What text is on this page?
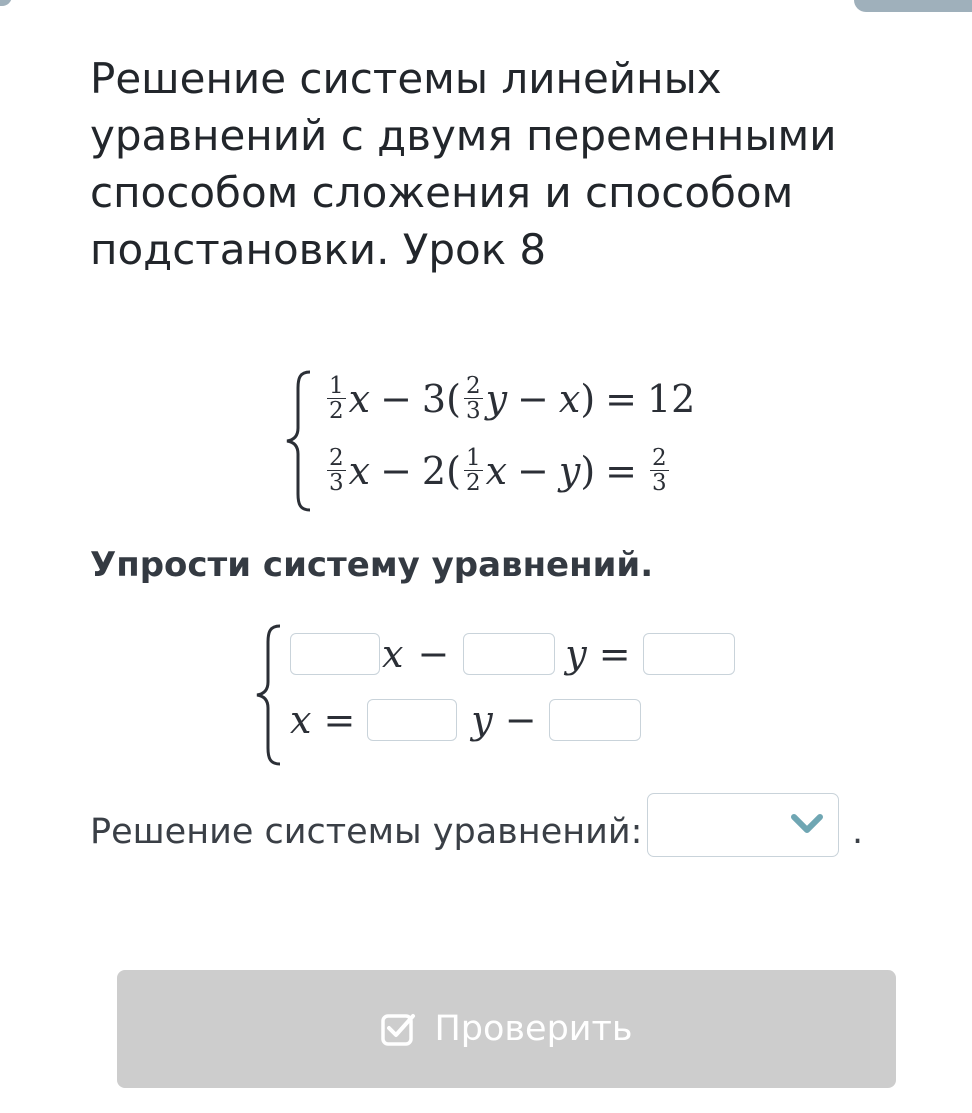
Решение системы линейных уравнений с двумя переменными способом сложения и способом подстановки. Урок 8
$\frac{1}{2}$ $x - 3( \frac{2}{3}$ y − x ) = 12
$\frac{2}{3}$ $x - 2( \frac{1}{2}$ x − y ) = $\frac{2}{3}$
Упрости систему уравнений.
x −	y =
x =	y −
Решение системы уравнений:	.
Проверить
